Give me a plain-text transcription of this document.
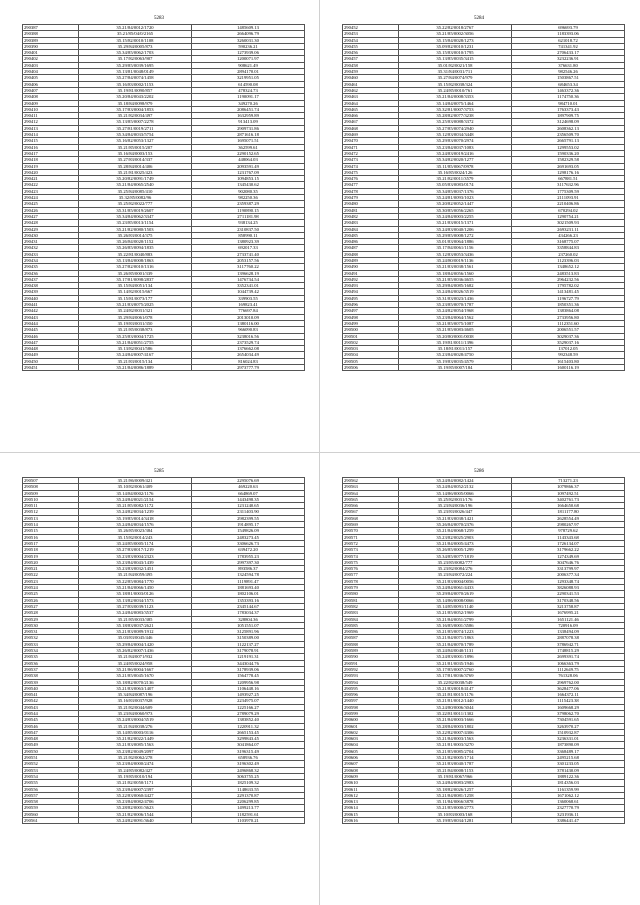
5283
290387	35.21/84/0012/1720	1485609.13
290388	35.21/85/04/0/2165	2664096.79
290389	35.15/82/0010/1108	3260031.30
290390	35.29/84/0005/873	590236.21
290401	35.34/85/0062/1703	1273939.06
290402	35.17/82/0063/907	1200071.97
290403	35.29/85/0039/1695	908621.49
290404	35.13/81/0048/0149	2894170.01
290405	35.27/84/0074/1458	3219951.05
290406	35.16/83/0002/1153	614590.08
290407	35.19/81/0090/857	478324.73
290408	35.20/84/0043/2202	1190091.17
290409	35.18/84/0098/979	349270.26
290410	35.17/83/0004/1853	2086451.74
290411	35.21/82/0034/497	1632959.89
290412	35.13/85/0007/2278	913413.09
290413	35.27/81/0019/2711	2909731.86
290414	35.34/84/0033/5754	2871616.18
290415	35.16/82/0053/1327	1695071.51
290416	35.21/85/0015/207	362599.61
290417	35.16/84/0003/153	2290152.65
290418	35.27/83/0014/337	448064.03
290419	35.28/84/0014/406	2093591.49
290420	35.21/81/0025/423	1231767.09
290421	35.20/82/0091/1749	1094853.15
290422	35.21/84/0065/2540	1345430.62
290423	35.25/84/0085/410	902080.35
290424	35.32/85/0082/96	982250.36
290425	35.25/82/0022/777	2359387.29
290426	35.31/85/0019/2607	1190890.15
290427	35.34/84/0062/3347	2711181.98
290428	35.23/85/0013/1154	938134.25
290429	35.21/82/0080/1503	2310837.50
290430	35.26/83/0014/375	858990.11
290431	35.26/84/0020/1152	1380923.39
290432	35.26/85/0094/1835	692017.33
290433	35.22/81/0040/883	2733741.40
290434	35.13/84/0008/1863	2053157.56
290435	35.27/82/0010/1316	3117760.22
290436	35.26/85/0001/339	1396628.19
290437	35.17/81/0098/2837	1476734.54
290438	35.15/84/0051/134	3352341.01
290439	35.14/82/0015/667	1044739.42
290440	35.15/81/0073/177	339903.55
290441	35.21/83/0075/2025	169823.41
290442	35.24/82/0031/321	776697.84
290443	35.29/84/0061/078	2013010.09
290444	35.19/83/0031/350	1380116.00
290445	35.21/85/0038/873	966090.83
290446	35.25/83/0004/1725	3238016.56
290447	35.21/84/0051/2755	2373529.74
290448	35.13/82/0041/586	1376662.08
290449	35.24/84/0007/4167	2654034.49
290450	35.21/83/0015/134	816024.83
290451	35.21/84/0086/1889	2973777.79
5284
290452	35.22/82/0018/2767	696693.79
290453	35.21/85/0002/3056	1183393.06
290454	35.15/84/0028/1273	621018.72
290455	35.09/82/0010/1231	741341.92
290456	35.15/83/0010/1795	2706433.17
290457	35.13/85/0035/3415	3232236.91
290458	35.01/82/0021/158	376631.80
290459	35.31/84/0031/711	982546.26
290460	35.27/84/0074/979	1503867.51
290461	35.15/82/0038/324	684653.34
290462	35.24/85/0010/761	1463372.36
290463	35.21/84/0008/3353	1174750.36
290464	35.14/84/0075/1464	984710.01
290465	35.32/81/0007/3753	1763373.43
290466	35.28/82/0077/3238	1897909.75
290467	35.25/83/0088/3372	3124698.09
290468	35.27/85/0074/2940	2608362.13
290469	35.12/83/0034/3448	2356509.70
290470	35.29/83/0070/2974	2665791.13
290471	35.23/84/0037/1083	1299553.02
290472	35.24/83/0019/2416	1590336.20
290473	35.34/82/0020/1277	1582329.58
290474	35.11/85/0067/0978	2691693.05
290475	35.16/85/0024/126	1298176.16
290476	35.21/82/0011/3579	667881.51
290477	35.05/83/0083/0174	3117632.96
290478	35.34/85/0037/1376	1775309.59
290479	35.24/81/0093/1023	2111093.91
290480	35.20/82/0052/1447	2210406.86
290481	35.30/85/0056/2265	670294.02
290482	35.24/84/0003/2255	1290754.21
290483	35.21/83/0015/1371	3021509.93
290484	35.24/83/0040/1206	2693231.11
290485	35.29/85/0008/1272	434266.23
290486	35.01/83/0064/1886	3168775.07
290487	35.17/84/0061/1156	3358844.83
290488	35.12/83/0053/3436	237260.02
290489	35.24/80/0019/1136	1123396.03
290490	35.21/83/0038/1561	1348652.12
290491	35.18/84/0056/1560	2483513.83
290492	35.21/85/0036/4655	2964232.56
290493	35.29/84/0085/1682	1795782.02
290494	35.24/84/0026/3519	1413481.45
290495	35.31/83/0023/1436	1196727.79
290496	35.23/85/0070/1787	1850351.36
290497	35.24/82/0054/1968	1383864.08
290498	35.23/84/0064/1562	2733956.80
290499	35.21/85/0075/1087	1112351.60
290500	35.21/85/0083/4605	2006551.57
290501	35.20/80/0001/0038	3029037.36
290502	35.19/81/0011/1396	3529037.16
290503	35.18/81/0011/157	137012.05
290504	35.23/84/0028/4750	992348.59
290505	35.19/83/0035/4579	1615403.80
290506	35.19/85/0007/184	1600116.19
5285
290507	35.21/86/0009/421	2295076.69
290508	35.10/82/0061/409	469220.63
290509	35.14/84/0002/1176	664869.07
290510	35.24/84/0021/2154	1443498.35
290511	35.21/85/0082/1172	1231240.65
290512	35.24/82/0034/1239	2311403.90
290513	35.19/85/0014/3418	2982399.55
290514	35.24/84/0034/1576	1914895.17
290515	35.26/85/0023/384	1549826.09
290516	35.15/82/0014/243	2483273.45
290517	35.24/85/0005/1174	3306626.73
290518	35.27/83/0017/1219	639472.20
290519	35.23/83/0004/2323	1783955.23
290520	35.23/84/0043/1439	2997397.30
290521	35.23/83/0032/1451	893586.37
290522	35.21/84/0059/495	1324594.78
290523	35.22/85/0084/1770	1119891.47
290524	35.21/84/0066/1450	1881693.40
290525	35.18/81/0003/0126	1802106.01
290526	35.13/82/0034/1573	1353393.16
290527	35.27/83/0039/1123	2345144.67
290528	35.24/84/0083/3537	1783034.37
290529	35.21/85/0033/385	328804.36
290530	35.18/83/0037/2621	1051551.07
290531	35.21/83/0089/1912	3125891.96
290532	35.03/83/0045/446	3150389.00
290533	35.29/84/0004/1420	1122137.27
290534	35.26/82/0007/1436	3179078.91
290535	35.21/84/0071/932	1219191.31
290536	35.24/85/0024/958	3443044.76
290537	35.21/86/0004/1667	3178939.06
290538	35.21/85/0045/1670	1564778.45
290539	35.18/82/0070/2136	1209956.98
290540	35.21/83/0063/1407	1106448.16
290541	35.34/84/0087/196	1493927.25
290542	35.16/83/0037/928	2234975.07
290543	35.21/82/0044/609	1225166.27
290544	35.23/84/0060/973	2789079.29
290545	35.24/83/0004/3519	1383852.40
290546	35.21/84/0038/276	1220911.32
290547	35.14/85/0003/0116	2665153.45
290548	35.21/82/0022/1449	3299843.45
290549	35.21/83/0085/1563	3041864.07
290550	35.23/82/0049/2097	3196315.49
290551	35.21/82/0062/278	658936.76
290552	35.23/84/0000/2474	3196302.49
290553	35.24/85/0082/427	2496868.32
290554	35.19/85/0010/194	3063755.25
290555	35.21/82/0050/1171	1825109.32
290556	35.23/84/0007/2397	1148633.55
290557	35.22/83/0060/4427	2291370.87
290558	35.23/84/0082/4706	2206299.85
290559	35.28/82/0001/3623	1499213.77
290560	35.21/82/0006/1544	1182591.61
290561	35.24/82/0091/3640	1103970.21
5286
290562	35.24/84/0082/1424	713271.23
290563	35.24/84/0052/2132	1079866.37
290564	35.14/86/0005/0066	1097492.51
290565	35.25/82/0031/176	3402761.73
290566	35.23/84/0036/196	1664650.68
290567	35.23/83/0026/447	1811177.80
290568	35.21/83/0038/1421	2628554.49
290569	35.26/84/0070/2376	2980267.97
290570	35.21/84/0068/1259	978729.62
290571	35.23/82/0025/2903	1143343.68
290572	35.21/84/0005/4473	1726134.07
290573	35.26/85/0005/1299	3179662.22
290574	35.34/85/0077/1819	1274349.69
290575	35.23/85/0082/777	3047646.76
290576	35.23/82/0084/276	3313799.97
290577	35.23/84/0072/224	2006377.34
290578	35.21/83/0004/0056	1293348.74
290579	35.24/84/0061/4433	3826088.93
290580	35.29/84/0070/2619	2290341.53
290581	35.14/86/0008/0066	3170348.56
290582	35.14/85/0091/1140	3213758.87
290583	35.21/85/0052/1969	1676995.21
290584	35.21/84/0051/2799	1651121.46
290585	35.16/85/0001/3586	720916.09
290586	35.21/85/0074/1223	1338494.09
290587	35.21/84/0071/1863	2887078.38
290588	35.21/84/0070/1789	3786942.71
290589	35.24/84/0040/1131	1748815.29
290590	35.24/83/0001/1896	2699391.74
290591	35.21/81/0035/1946	1066363.79
290592	35.17/85/0007/2760	1112649.75
290593	35.17/81/0036/3769	761328.06
290594	35.22/82/0038/549	2969762.00
290595	35.21/83/0018/4147	3628477.06
290596	35.21/81/0015/1176	1664372.11
290597	35.21/81/0012/1440	1115423.38
290598	35.24/80/0006/3044	1609668.29
290599	35.22/81/0011/1302	3798062.70
290600	35.21/84/0003/1666	7304591.65
290601	35.28/84/0003/1802	3263970.27
290602	35.22/82/0007/4306	1510932.87
290603	35.21/84/0003/1563	3236331.01
290604	35.21/81/0003/3270	1873890.09
290605	35.21/85/0085/2704	3368489.17
290606	35.21/82/0005/1714	2495215.68
290607	35.21/83/0040/1787	3301233.05
290608	35.21/84/0008/1153	3781430.09
290609	35.19/81/0067/966	1889122.36
290610	35.24/84/0083/2983	1814356.03
290611	35.18/82/0026/1257	1161359.99
290612	35.21/84/0081/1258	1671062.12
290613	35.11/84/0066/3878	1360068.61
290614	35.21/85/0000/2773	2327770.79
290615	35.10/83/0003/168	3231936.11
290616	35.19/85/0034/1281	3386441.47
